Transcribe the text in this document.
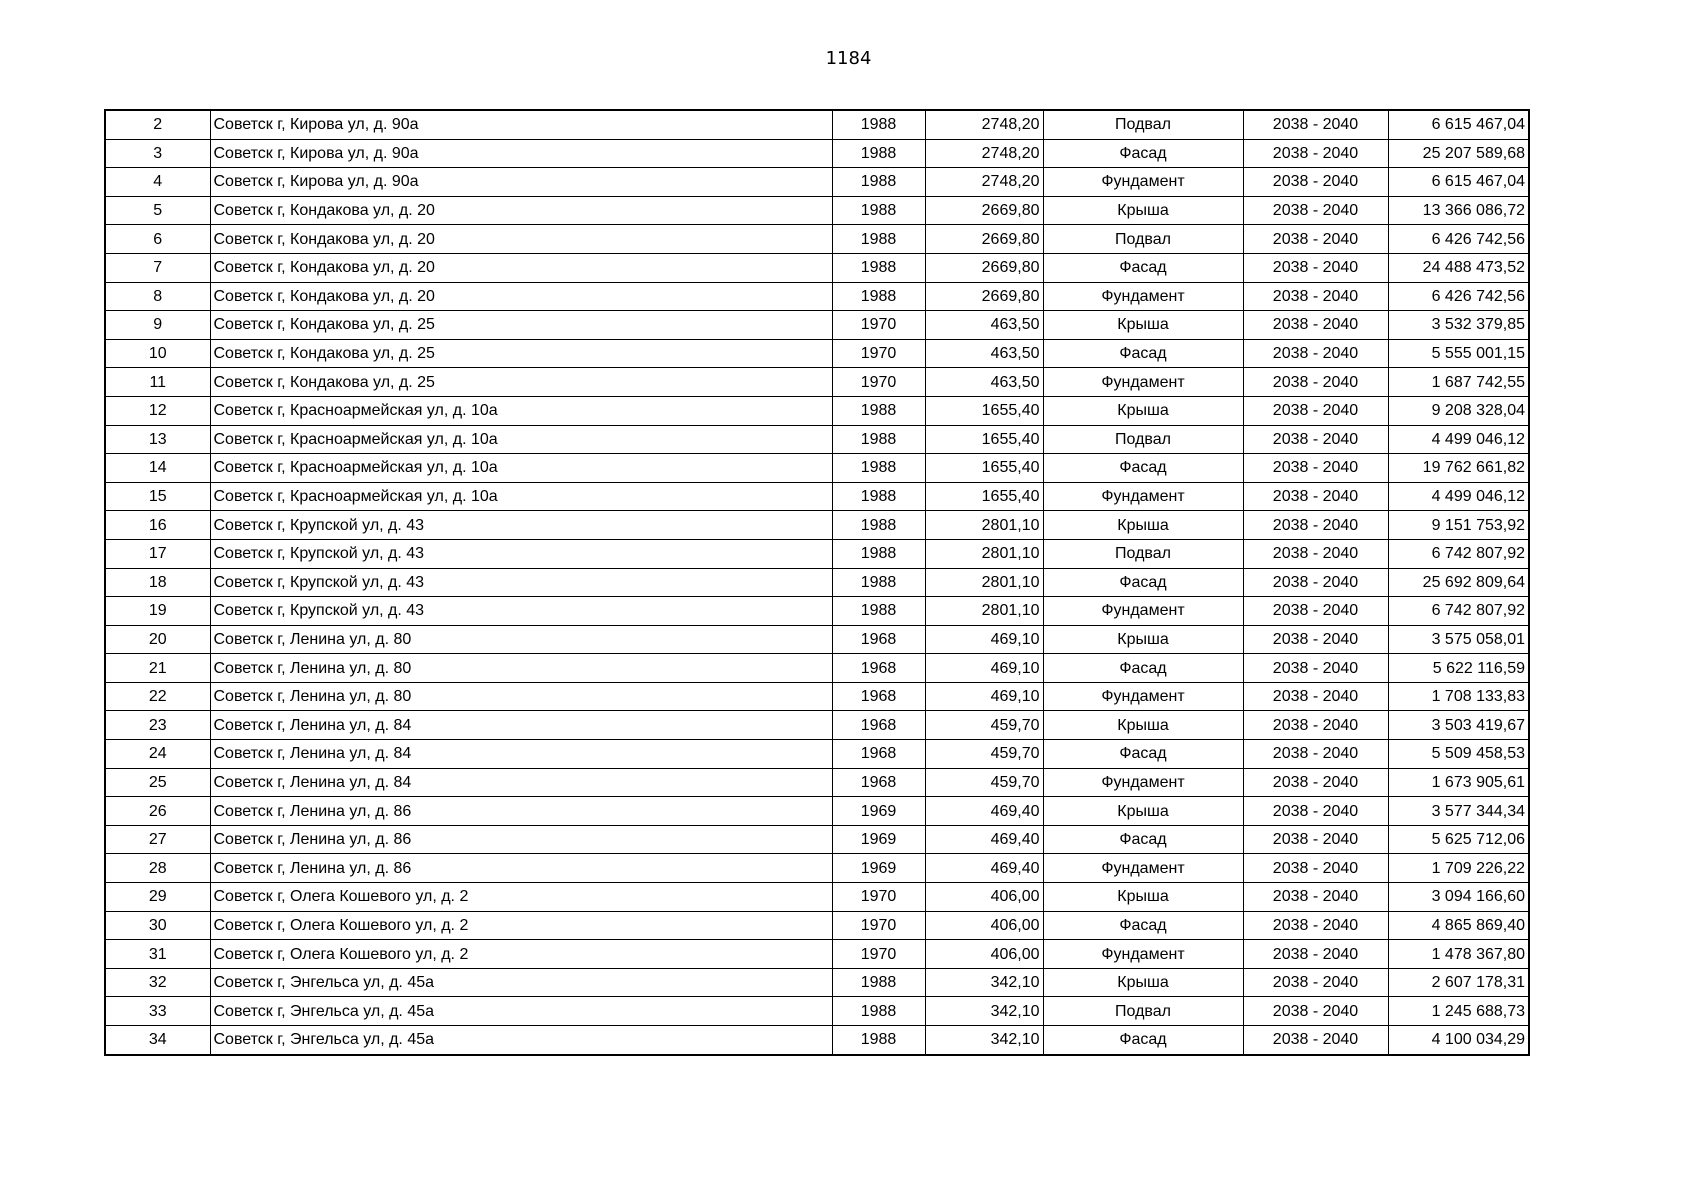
1184
2	Советск г, Кирова ул, д. 90а	1988	2748,20	Подвал	2038 - 2040	6 615 467,04
3	Советск г, Кирова ул, д. 90а	1988	2748,20	Фасад	2038 - 2040	25 207 589,68
4	Советск г, Кирова ул, д. 90а	1988	2748,20	Фундамент	2038 - 2040	6 615 467,04
5	Советск г, Кондакова ул, д. 20	1988	2669,80	Крыша	2038 - 2040	13 366 086,72
6	Советск г, Кондакова ул, д. 20	1988	2669,80	Подвал	2038 - 2040	6 426 742,56
7	Советск г, Кондакова ул, д. 20	1988	2669,80	Фасад	2038 - 2040	24 488 473,52
8	Советск г, Кондакова ул, д. 20	1988	2669,80	Фундамент	2038 - 2040	6 426 742,56
9	Советск г, Кондакова ул, д. 25	1970	463,50	Крыша	2038 - 2040	3 532 379,85
10	Советск г, Кондакова ул, д. 25	1970	463,50	Фасад	2038 - 2040	5 555 001,15
11	Советск г, Кондакова ул, д. 25	1970	463,50	Фундамент	2038 - 2040	1 687 742,55
12	Советск г, Красноармейская ул, д. 10а	1988	1655,40	Крыша	2038 - 2040	9 208 328,04
13	Советск г, Красноармейская ул, д. 10а	1988	1655,40	Подвал	2038 - 2040	4 499 046,12
14	Советск г, Красноармейская ул, д. 10а	1988	1655,40	Фасад	2038 - 2040	19 762 661,82
15	Советск г, Красноармейская ул, д. 10а	1988	1655,40	Фундамент	2038 - 2040	4 499 046,12
16	Советск г, Крупской ул, д. 43	1988	2801,10	Крыша	2038 - 2040	9 151 753,92
17	Советск г, Крупской ул, д. 43	1988	2801,10	Подвал	2038 - 2040	6 742 807,92
18	Советск г, Крупской ул, д. 43	1988	2801,10	Фасад	2038 - 2040	25 692 809,64
19	Советск г, Крупской ул, д. 43	1988	2801,10	Фундамент	2038 - 2040	6 742 807,92
20	Советск г, Ленина ул, д. 80	1968	469,10	Крыша	2038 - 2040	3 575 058,01
21	Советск г, Ленина ул, д. 80	1968	469,10	Фасад	2038 - 2040	5 622 116,59
22	Советск г, Ленина ул, д. 80	1968	469,10	Фундамент	2038 - 2040	1 708 133,83
23	Советск г, Ленина ул, д. 84	1968	459,70	Крыша	2038 - 2040	3 503 419,67
24	Советск г, Ленина ул, д. 84	1968	459,70	Фасад	2038 - 2040	5 509 458,53
25	Советск г, Ленина ул, д. 84	1968	459,70	Фундамент	2038 - 2040	1 673 905,61
26	Советск г, Ленина ул, д. 86	1969	469,40	Крыша	2038 - 2040	3 577 344,34
27	Советск г, Ленина ул, д. 86	1969	469,40	Фасад	2038 - 2040	5 625 712,06
28	Советск г, Ленина ул, д. 86	1969	469,40	Фундамент	2038 - 2040	1 709 226,22
29	Советск г, Олега Кошевого ул, д. 2	1970	406,00	Крыша	2038 - 2040	3 094 166,60
30	Советск г, Олега Кошевого ул, д. 2	1970	406,00	Фасад	2038 - 2040	4 865 869,40
31	Советск г, Олега Кошевого ул, д. 2	1970	406,00	Фундамент	2038 - 2040	1 478 367,80
32	Советск г, Энгельса ул, д. 45а	1988	342,10	Крыша	2038 - 2040	2 607 178,31
33	Советск г, Энгельса ул, д. 45а	1988	342,10	Подвал	2038 - 2040	1 245 688,73
34	Советск г, Энгельса ул, д. 45а	1988	342,10	Фасад	2038 - 2040	4 100 034,29
